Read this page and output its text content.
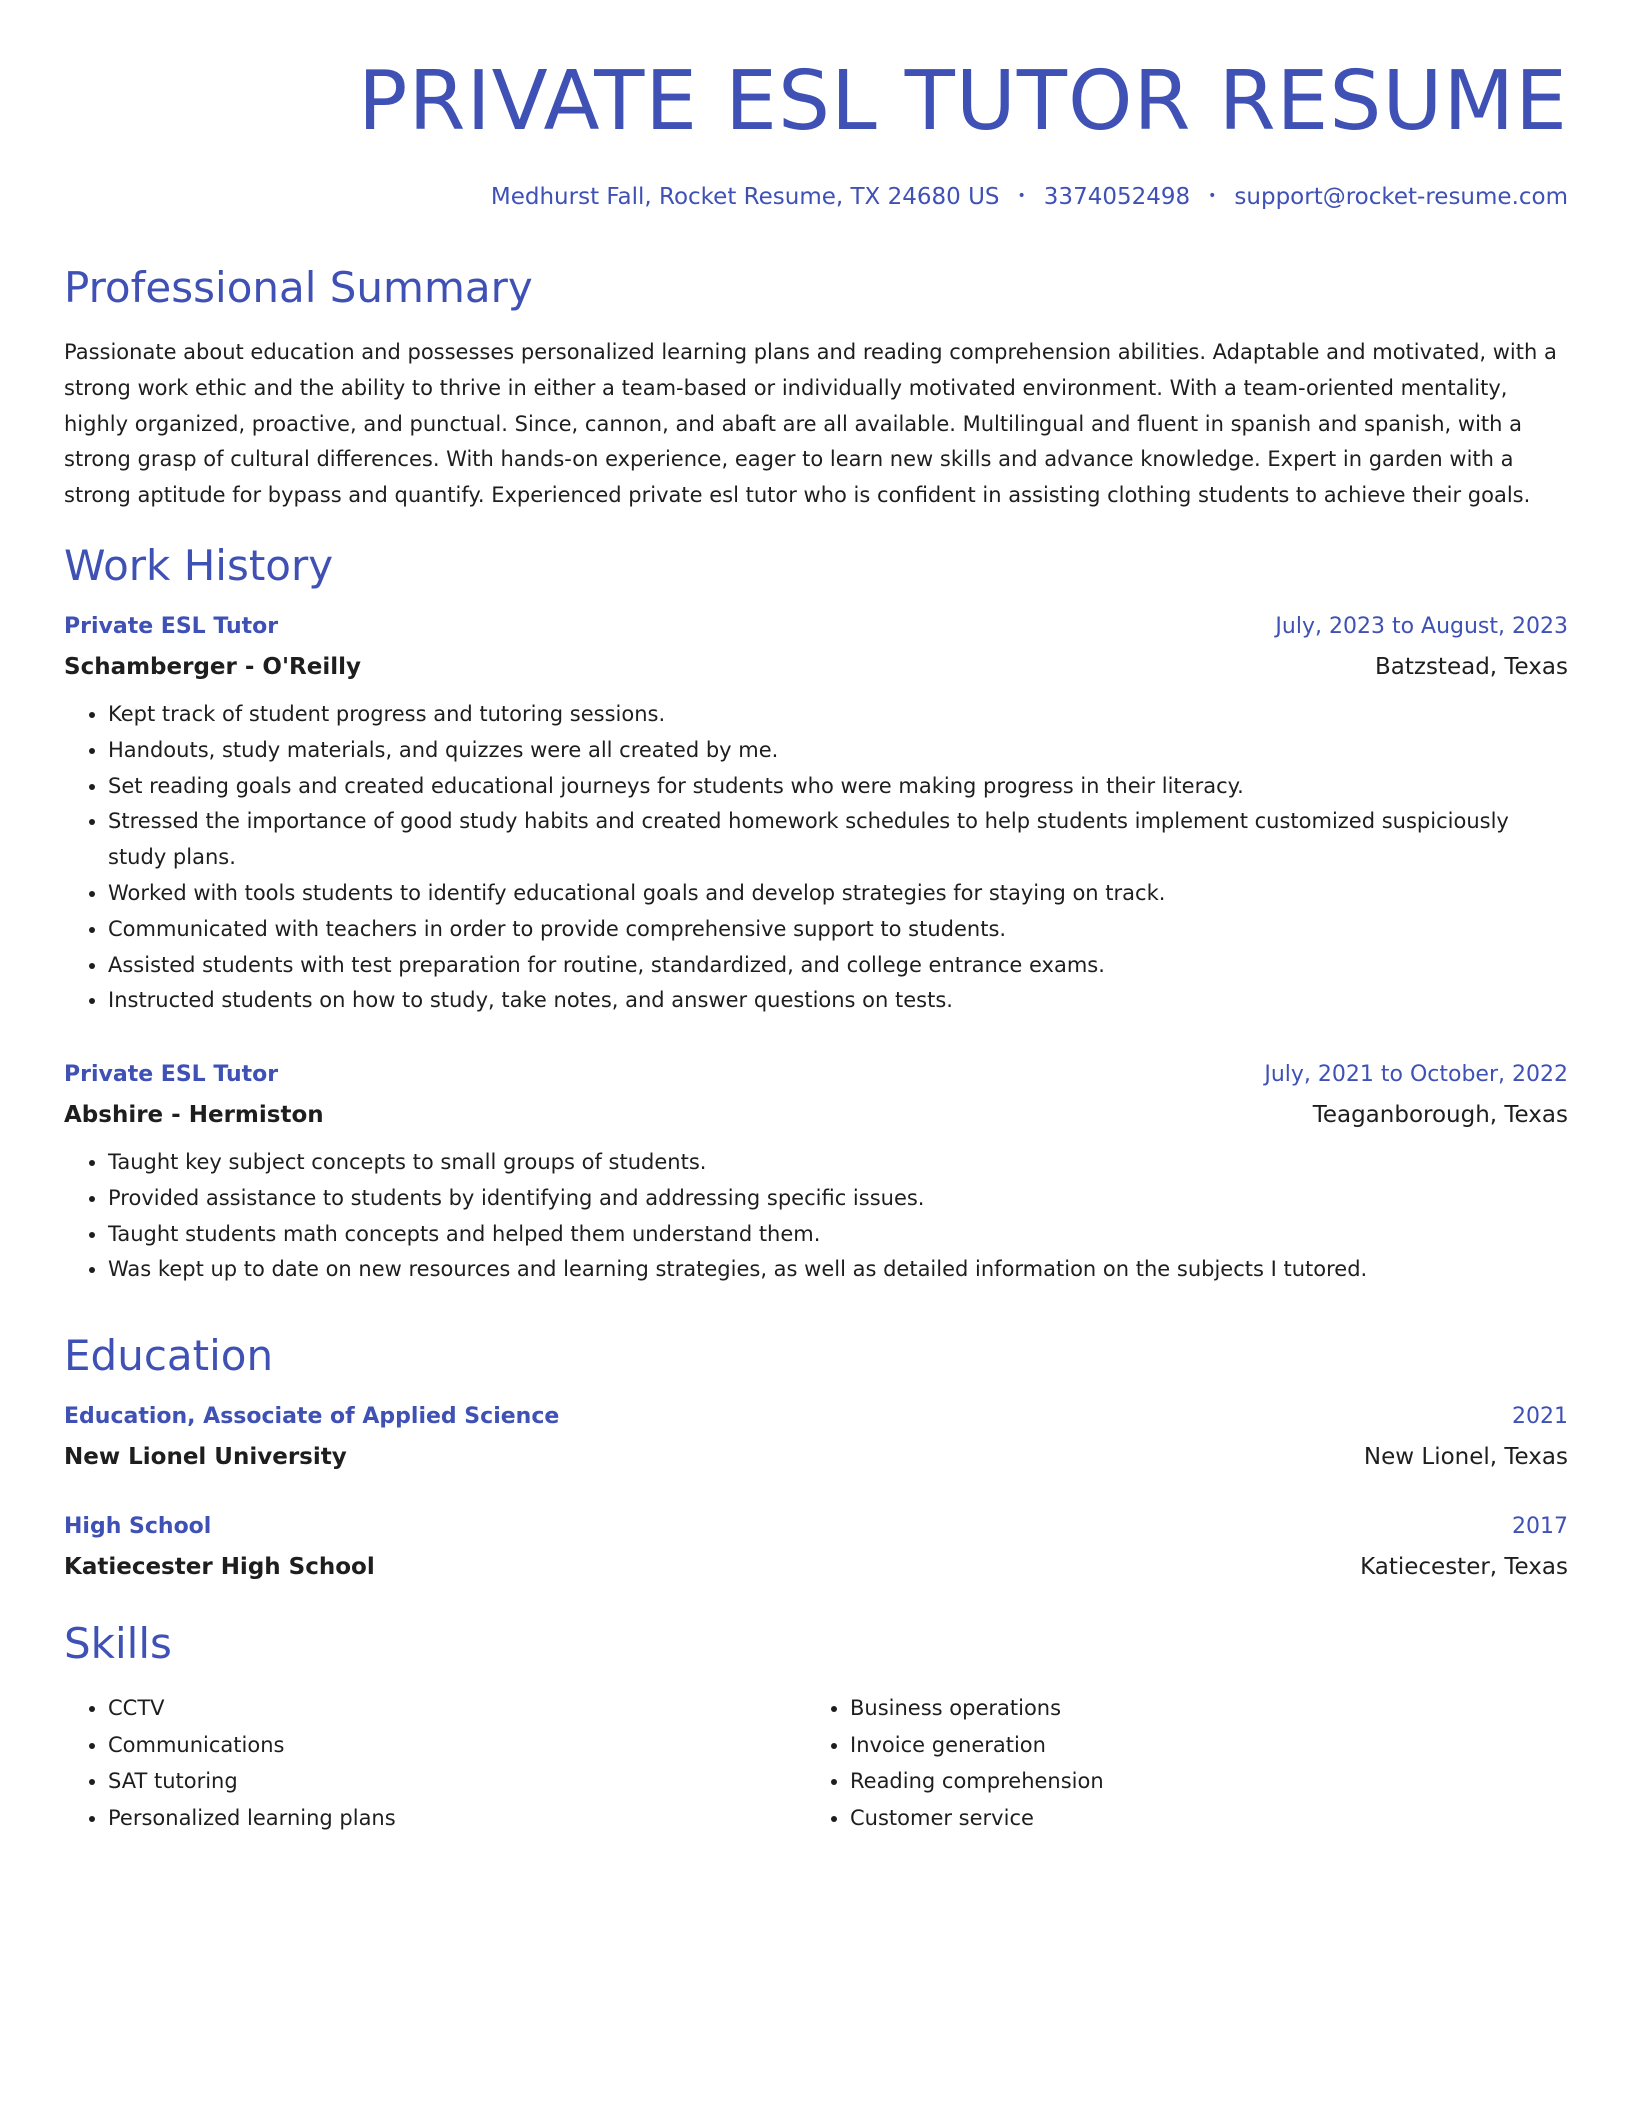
PRIVATE ESL TUTOR RESUME
Medhurst Fall, Rocket Resume, TX 24680 US • 3374052498 • support@rocket-resume.com
Professional Summary

Passionate about education and possesses personalized learning plans and reading comprehension abilities. Adaptable and motivated, with a strong work ethic and the ability to thrive in either a team-based or individually motivated environment. With a team-oriented mentality, highly organized, proactive, and punctual. Since, cannon, and abaft are all available. Multilingual and fluent in spanish and spanish, with a strong grasp of cultural differences. With hands-on experience, eager to learn new skills and advance knowledge. Expert in garden with a strong aptitude for bypass and quantify. Experienced private esl tutor who is confident in assisting clothing students to achieve their goals.

Work History
Private ESL Tutor	July, 2023 to August, 2023
Schamberger - O'Reilly	Batzstead, Texas
• Kept track of student progress and tutoring sessions.
• Handouts, study materials, and quizzes were all created by me.
• Set reading goals and created educational journeys for students who were making progress in their literacy.
• Stressed the importance of good study habits and created homework schedules to help students implement customized suspiciously study plans.
• Worked with tools students to identify educational goals and develop strategies for staying on track.
• Communicated with teachers in order to provide comprehensive support to students.
• Assisted students with test preparation for routine, standardized, and college entrance exams.
• Instructed students on how to study, take notes, and answer questions on tests.
Private ESL Tutor	July, 2021 to October, 2022
Abshire - Hermiston	Teaganborough, Texas
• Taught key subject concepts to small groups of students.
• Provided assistance to students by identifying and addressing specific issues.
• Taught students math concepts and helped them understand them.
• Was kept up to date on new resources and learning strategies, as well as detailed information on the subjects I tutored.
Education
Education, Associate of Applied Science	2021
New Lionel University	New Lionel, Texas
High School	2017
Katiecester High School	Katiecester, Texas
Skills
• CCTV
• Communications
• SAT tutoring
• Personalized learning plans
• Business operations
• Invoice generation
• Reading comprehension
• Customer service
